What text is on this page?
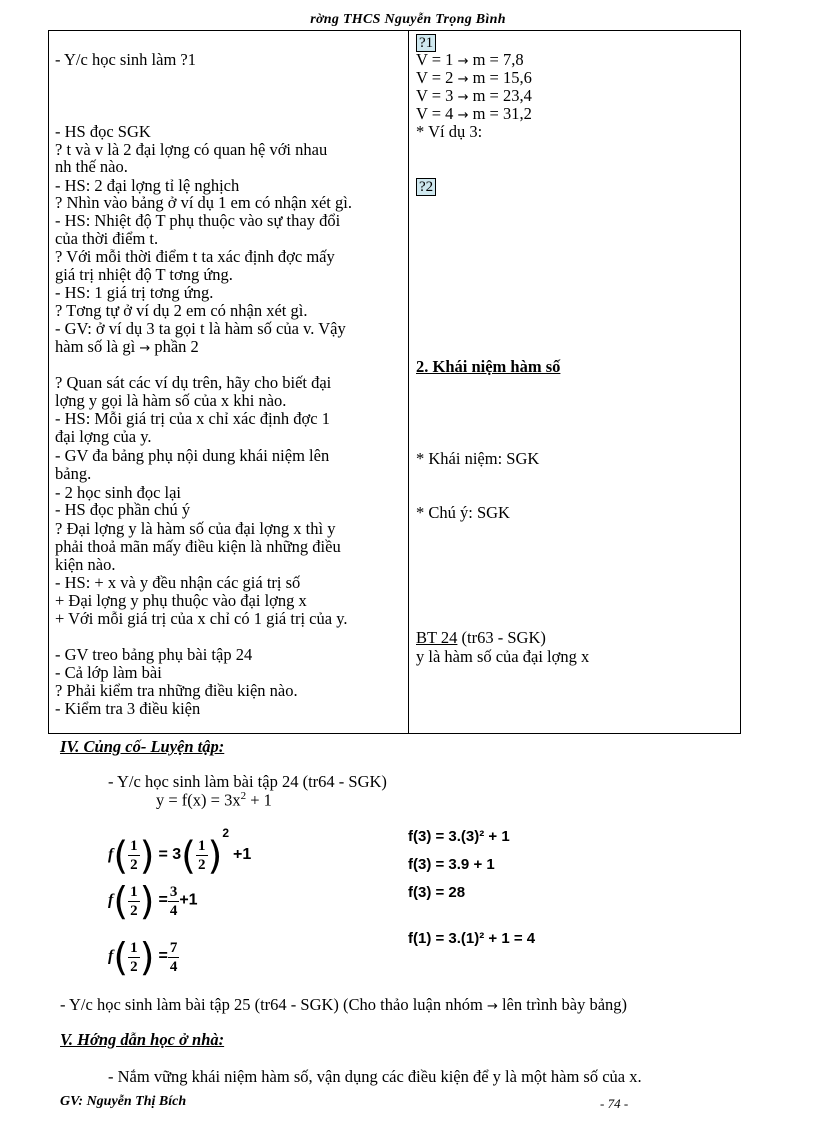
rờng THCS Nguyễn Trọng Bình
- Y/c học sinh làm ?1
- HS đọc SGK
? t và v là 2 đại lợng có quan hệ với nhau
nh thế nào.
- HS: 2 đại lợng tỉ lệ nghịch
? Nhìn vào bảng ở ví dụ 1 em có nhận xét gì.
- HS: Nhiệt độ T phụ thuộc vào sự thay đổi
của thời điểm t.
? Với mỗi thời điểm t ta xác định đợc mấy
giá trị nhiệt độ T tơng ứng.
- HS: 1 giá trị tơng ứng.
? Tơng tự ở ví dụ 2 em có nhận xét gì.
- GV: ở ví dụ 3 ta gọi t là hàm số của v. Vậy
hàm số là gì → phần 2
? Quan sát các ví dụ trên, hãy cho biết đại
lợng y gọi là hàm số của x khi nào.
- HS: Mỗi giá trị của x chỉ xác định đợc 1
đại lợng của y.
- GV đa bảng phụ nội dung khái niệm lên
bảng.
- 2 học sinh đọc lại
- HS đọc phần chú ý
? Đại lợng y là hàm số của đại lợng x thì y
phải thoả mãn mấy điều kiện là những điều
kiện nào.
- HS: + x và y đều nhận các giá trị số
+ Đại lợng y phụ thuộc vào đại lợng x
+ Với mỗi giá trị của x chỉ có 1 giá trị của y.
- GV treo bảng phụ bài tập 24
- Cả lớp làm bài
? Phải kiểm tra những điều kiện nào.
- Kiểm tra 3 điều kiện

?1
V = 1 → m = 7,8
V = 2 → m = 15,6
V = 3 → m = 23,4
V = 4 → m = 31,2
* Ví dụ 3:
?2
2. Khái niệm hàm số
* Khái niệm: SGK
* Chú ý: SGK
BT 24 (tr63 - SGK)
y là hàm số của đại lợng x
IV. Củng cố- Luyện tập:
- Y/c học sinh làm bài tập 24 (tr64 - SGK)
$y = f(x) = 3x^2 + 1$
$f( \frac{1}{2}$ ) = $3( \frac{1}{2} )^2 +1$
$f( \frac{1}{2}$ ) = $\frac{3}{4} +1$
$f( \frac{1}{2}$ ) = $\frac{7}{4}$
f(3) = 3.(3)² + 1
f(3) = 3.9 + 1
f(3) = 28
f(1) = 3.(1)² + 1 = 4
- Y/c học sinh làm bài tập 25 (tr64 - SGK) (Cho thảo luận nhóm → lên trình bày bảng)
V. Hớng dẫn học ở nhà:
- Nắm vững khái niệm hàm số, vận dụng các điều kiện để y là một hàm số của x.
GV: Nguyễn Thị Bích	- 74 -
